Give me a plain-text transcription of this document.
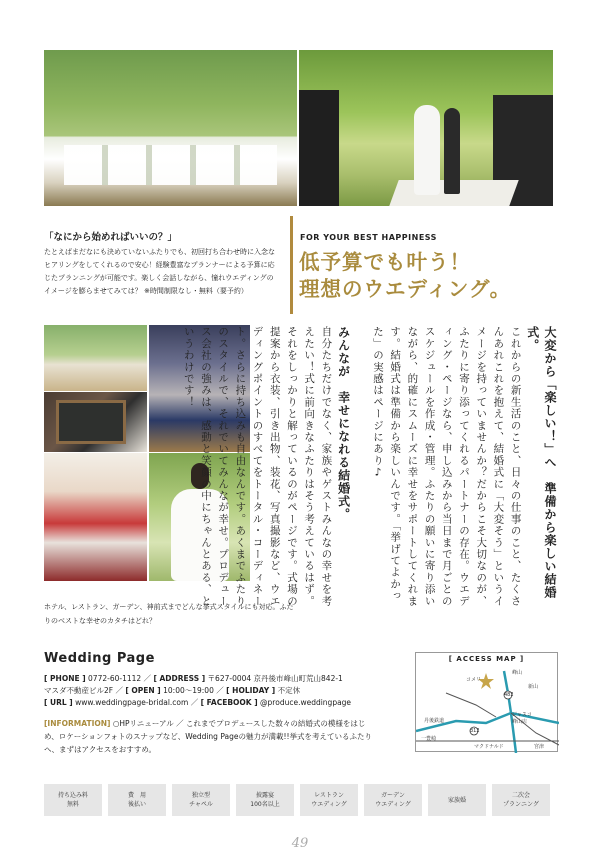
「なにから始めればいいの？」
たとえばまだなにも決めていないふたりでも、初回打ち合わせ時に入念なヒアリングをしてくれるので安心！経験豊富なプランナーによる予算に応じたプランニングが可能です。楽しく会話しながら、憧れウエディングのイメージを膨らませてみては？ ※時間制限なし・無料（要予約）
FOR YOUR BEST HAPPINESS
低予算でも叶う！
理想のウエディング。
ホテル、レストラン、ガーデン、神前式までどんな挙式スタイルにも対応。ふたりのベストな幸せのカタチはどれ？
大変から「楽しい！」へ　準備から楽しい結婚式。
これからの新生活のこと、日々の仕事のこと、たくさんあれこれを抱えて、結婚式に「大変そう」というイメージを持っていませんか？だからこそ大切なのが、ふたりに寄り添ってくれるパートナーの存在。ウエディング・ページなら、申し込みから当日まで月ごとのスケジュールを作成・管理。ふたりの願いに寄り添いながら、的確にスムーズに幸せをサポートしてくれます。結婚式は準備から楽しいんです。「挙げてよかった」の実感はページにあり♪

みんなが　幸せになれる結婚式。
自分たちだけでなく、家族やゲストみんなの幸せを考えたい！式に前向きなふたりはそう考えているはず。それをしっかりと解っているのがページです。式場の提案から衣装、引き出物、装花、写真撮影など、ウエディングポイントのすべてをトータル・コーディネート。さらに持ち込みも自由なんです。あくまでふたりのスタイルで、それでいてみんなが幸せ。プロデュース会社の強みは、感動と笑顔の中にちゃんとある、というわけです！
Wedding Page
[ PHONE ] 0772-60-1112 ／ [ ADDRESS ] 〒627-0004 京丹後市峰山町荒山842-1
マスダ不動産ビル2F ／ [ OPEN ] 10:00〜19:00 ／ [ HOLIDAY ] 不定休
[ URL ] www.weddingpage-bridal.com ／ [ FACEBOOK ] @produce.weddingpage
[INFORMATION] ○HPリニューアル ／ これまでプロデュースした数々の結婚式の模様をはじめ、ロケーションフォトのスナップなど、Wedding Pageの魅力が満載!!挙式を考えているふたりへ、まずはアクセスをおすすめ。
[ ACCESS MAP ]
コメリ
峰山
新山
482
312
ジャスコ
峰山店
一豊崎
マクドナルド	宮津
丹後鉄道
持ち込み料
無料
費　用
後払い
独立型
チャペル
披露宴
100名以上
レストラン
ウエディング
ガーデン
ウエディング
家族婚
二次会
プランニング
49
